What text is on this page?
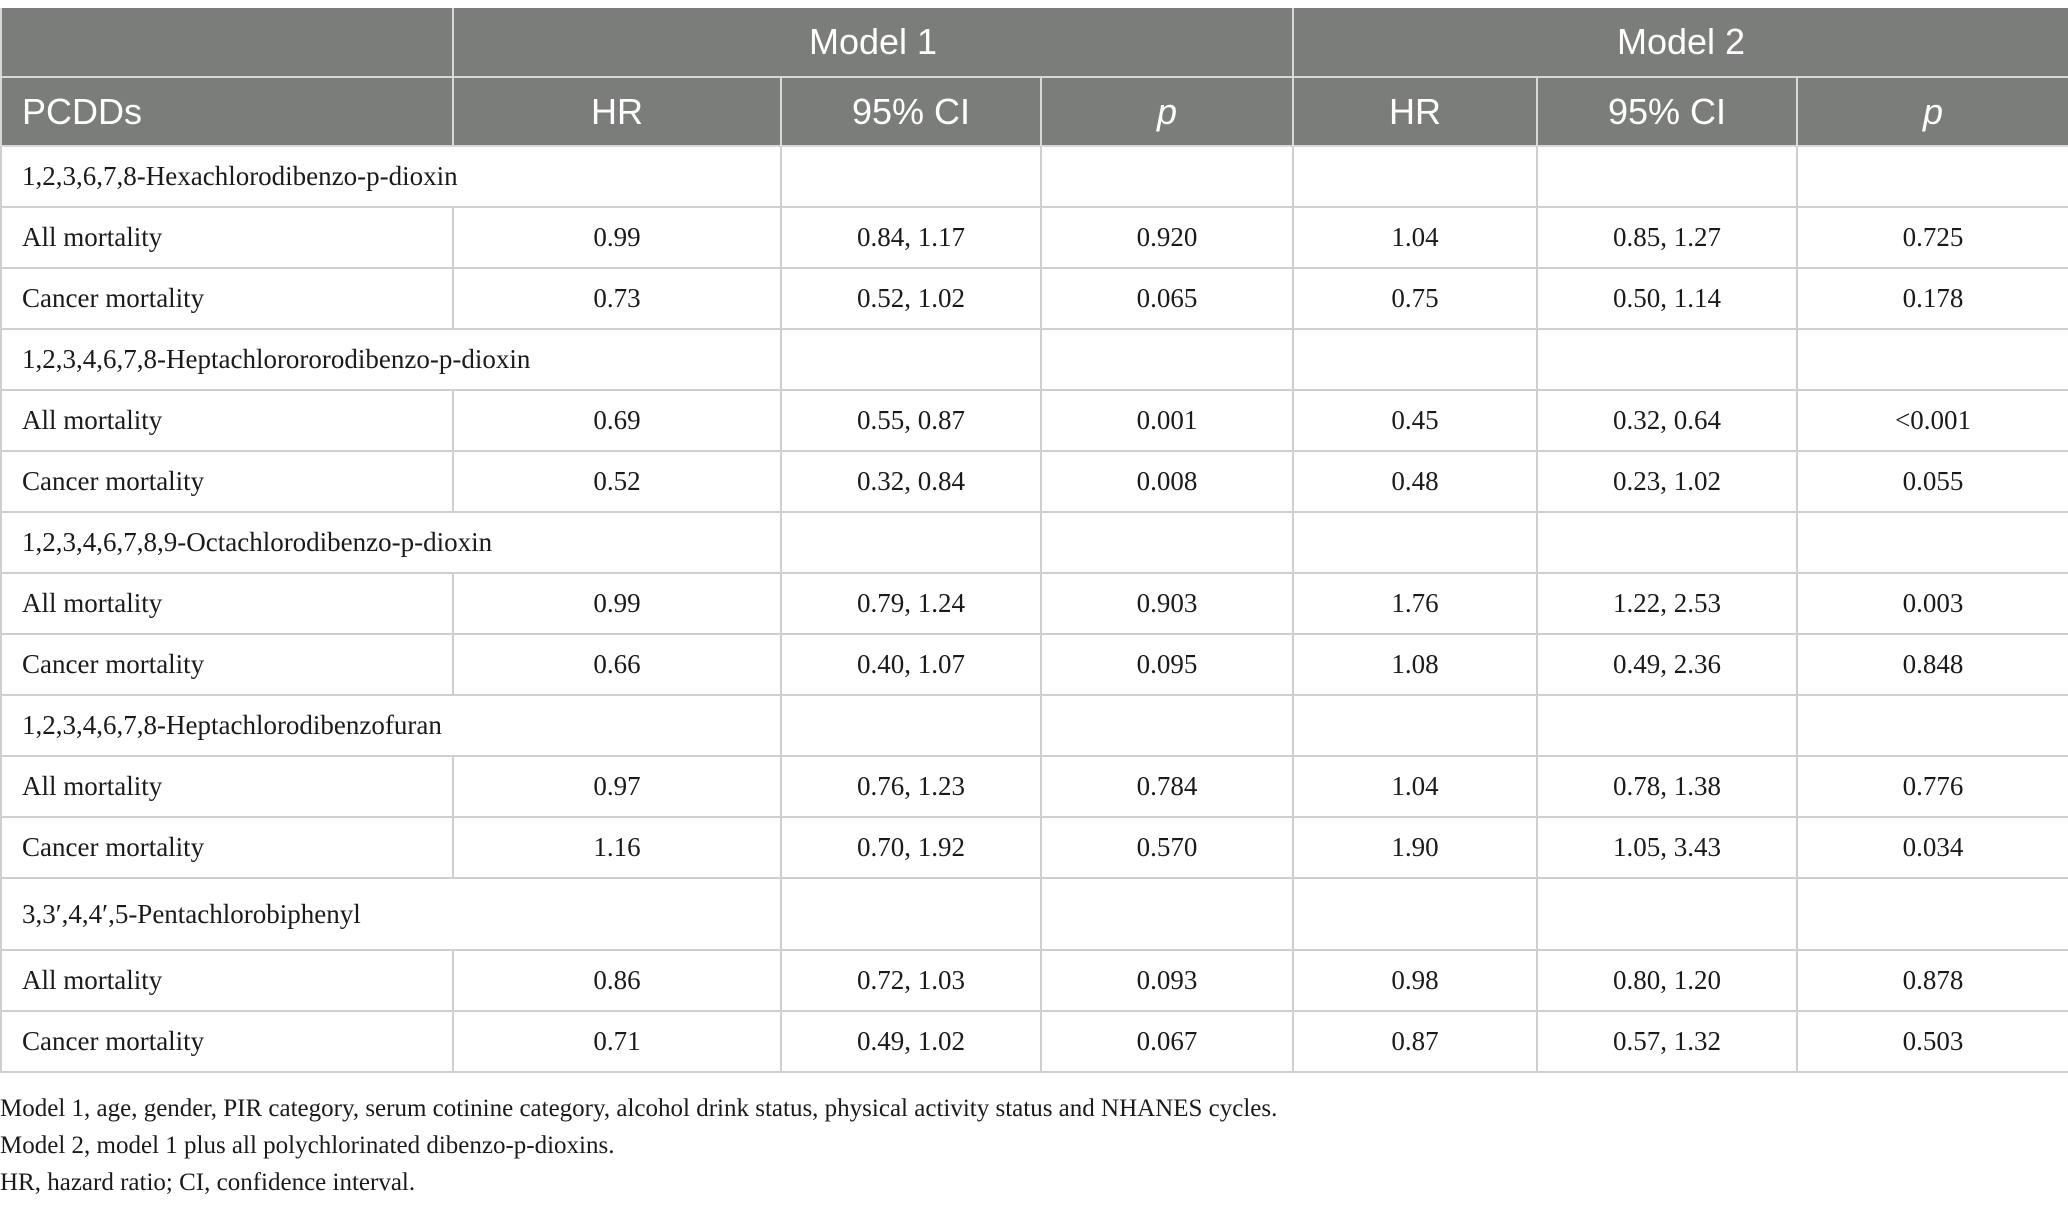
	Model 1			Model 2		
PCDDs	HR	95% CI	p	HR	95% CI	p
1,2,3,6,7,8-Hexachlorodibenzo-p-dioxin						
All mortality	0.99	0.84, 1.17	0.920	1.04	0.85, 1.27	0.725
Cancer mortality	0.73	0.52, 1.02	0.065	0.75	0.50, 1.14	0.178
1,2,3,4,6,7,8-Heptachlorororodibenzo-p-dioxin						
All mortality	0.69	0.55, 0.87	0.001	0.45	0.32, 0.64	<0.001
Cancer mortality	0.52	0.32, 0.84	0.008	0.48	0.23, 1.02	0.055
1,2,3,4,6,7,8,9-Octachlorodibenzo-p-dioxin						
All mortality	0.99	0.79, 1.24	0.903	1.76	1.22, 2.53	0.003
Cancer mortality	0.66	0.40, 1.07	0.095	1.08	0.49, 2.36	0.848
1,2,3,4,6,7,8-Heptachlorodibenzofuran						
All mortality	0.97	0.76, 1.23	0.784	1.04	0.78, 1.38	0.776
Cancer mortality	1.16	0.70, 1.92	0.570	1.90	1.05, 3.43	0.034
3,3′,4,4′,5-Pentachlorobiphenyl						
All mortality	0.86	0.72, 1.03	0.093	0.98	0.80, 1.20	0.878
Cancer mortality	0.71	0.49, 1.02	0.067	0.87	0.57, 1.32	0.503
Model 1, age, gender, PIR category, serum cotinine category, alcohol drink status, physical activity status and NHANES cycles.
Model 2, model 1 plus all polychlorinated dibenzo-p-dioxins.
HR, hazard ratio; CI, confidence interval.
